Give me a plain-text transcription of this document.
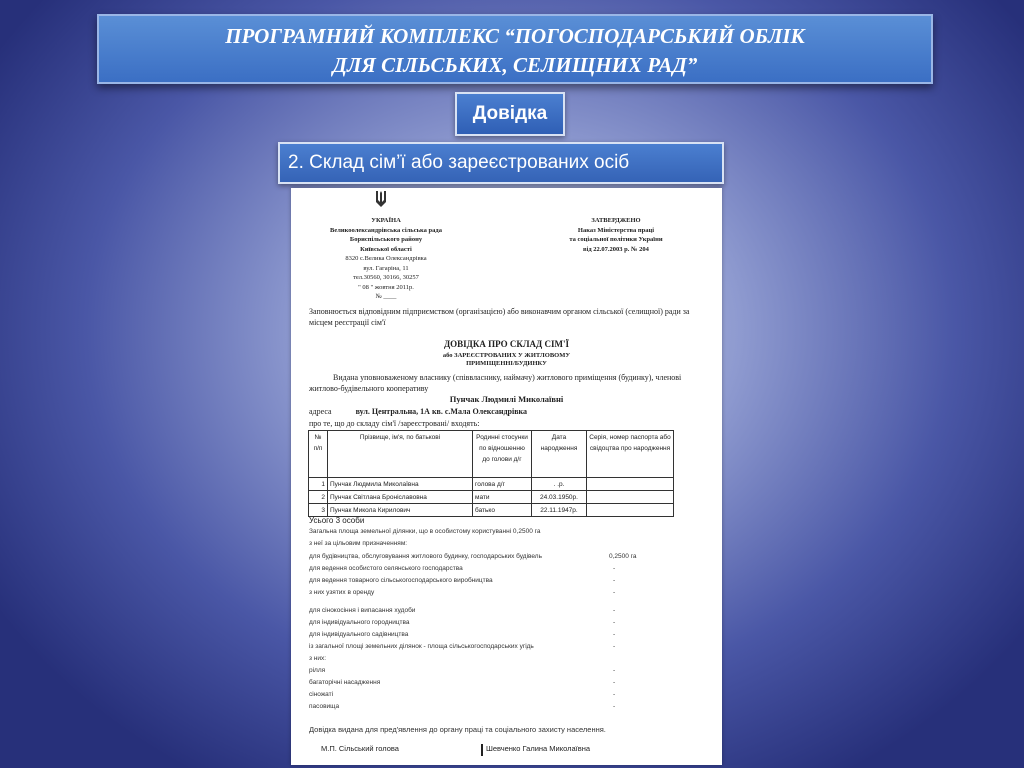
ПРОГРАМНИЙ КОМПЛЕКС “ПОГОСПОДАРСЬКИЙ ОБЛІК
ДЛЯ СІЛЬСЬКИХ, СЕЛИЩНИХ РАД”
Довідка
2. Склад сім’ї або зареєстрованих осіб
УКРАЇНА
Великоолександрівська сільська рада
Бориспільського району
Київської області
8320 с.Велика Олександрівка
вул. Гагаріна, 11
тел.30560, 30166, 30257
" 08 " жовтня 2011р.
№ ____
ЗАТВЕРДЖЕНО
Наказ Міністерства праці
та соціальної політики України
від 22.07.2003 р. № 204
Заповнюється відповідним підприємством (організацією) або виконавчим органом сільської (селищної) ради за місцем реєстрації сім'ї
ДОВІДКА ПРО СКЛАД СІМ'Ї
або ЗАРЕЄСТРОВАНИХ У ЖИТЛОВОМУ
ПРИМІЩЕННІ/БУДИНКУ
Видана уповноваженому власнику (співвласнику, наймачу) житлового приміщення (будинку), членові житлово-будівельного кооперативу
Пунчак Людмилі Миколаївні
адреса	вул. Центральна, 1А кв. с.Мала Олександрівка
про те, що до складу сім'ї /зареєстровані/ входять:
№ п/п	Прізвище, ім'я, по батькові	Родинні стосунки по відношенню до голови д/г	Дата народження	Серія, номер паспорта або свідоцтва про народження
1	Пунчак Людмила Миколаївна	голова д/г	. .р.	
2	Пунчак Світлана Броніславовна	мати	24.03.1950р.	
3	Пунчак Микола Кирилович	батько	22.11.1947р.	
Усього 3 особи
Загальна площа земельної ділянки, що в особистому користуванні 0,2500 га
з неї за цільовим призначенням:
для будівництва, обслуговування житлового будинку, господарських будівель	0,2500 га
для ведення особистого селянського господарства	-
для ведення товарного сільськогосподарського виробництва	-
з них узятих в оренду	-
для сінокосіння і випасання худоби	-
для індивідуального городництва	-
для індивідуального садівництва	-
із загальної площі земельних ділянок - площа сільськогосподарських угідь	-
з них:
рілля	-
багаторічні насадження	-
сіножаті	-
пасовища	-
Довідка видана для пред'явлення до органу праці та соціального захисту населення.
М.П. Сільський голова	Шевченко Галина Миколаївна
